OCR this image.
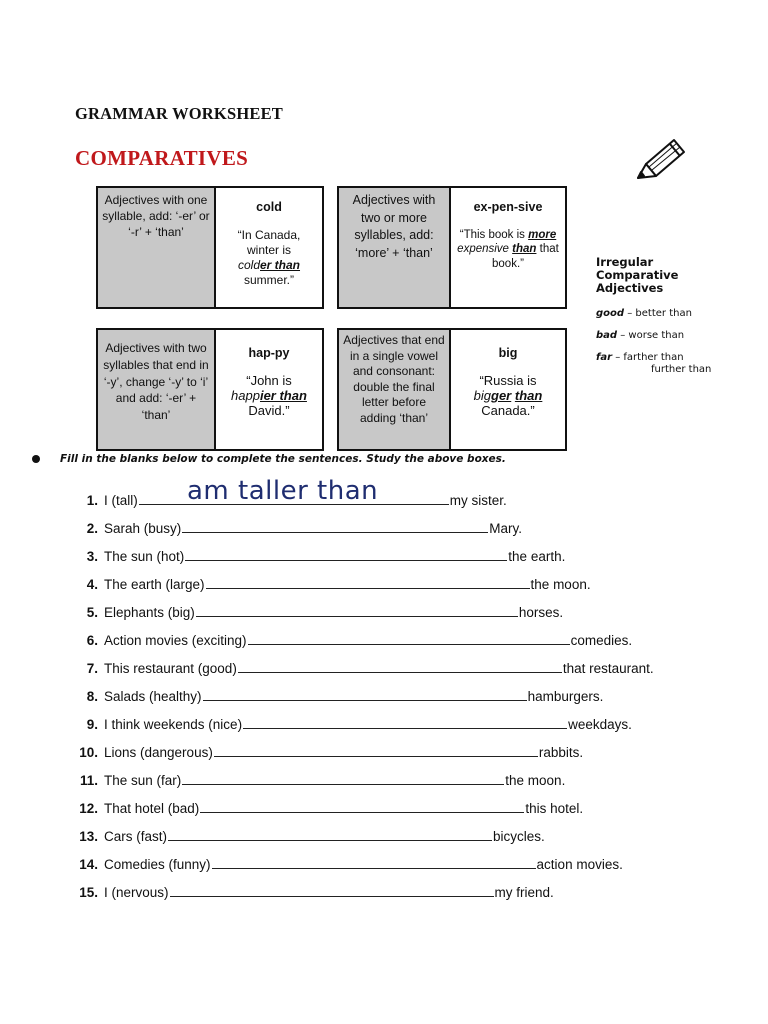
GRAMMAR WORKSHEET
COMPARATIVES
Adjectives with one syllable, add: ‘-er’ or ‘-r’ + ‘than’
cold
“In Canada, winter is colder than summer.”
Adjectives with two or more syllables, add: ‘more’ + ‘than’
ex-pen-sive
“This book is more expensive than that book.”
Adjectives with two syllables that end in ‘-y’, change ‘-y’ to ‘i’ and add: ‘-er’ + ‘than’
hap-py
“John is happier than David.”
Adjectives that end in a single vowel and consonant: double the final letter before adding ‘than’
big
“Russia is bigger than Canada.”
Irregular Comparative Adjectives
good – better than
bad – worse than
far – farther than
further than
Fill in the blanks below to complete the sentences. Study the above boxes.
am taller than
1. I (tall)	my sister.
2. Sarah (busy)	Mary.
3. The sun (hot)	the earth.
4. The earth (large)	the moon.
5. Elephants (big)	horses.
6. Action movies (exciting)	comedies.
7. This restaurant (good)	that restaurant.
8. Salads (healthy)	hamburgers.
9. I think weekends (nice)	weekdays.
10. Lions (dangerous)	rabbits.
11. The sun (far)	the moon.
12. That hotel (bad)	this hotel.
13. Cars (fast)	bicycles.
14. Comedies (funny)	action movies.
15. I (nervous)	my friend.
